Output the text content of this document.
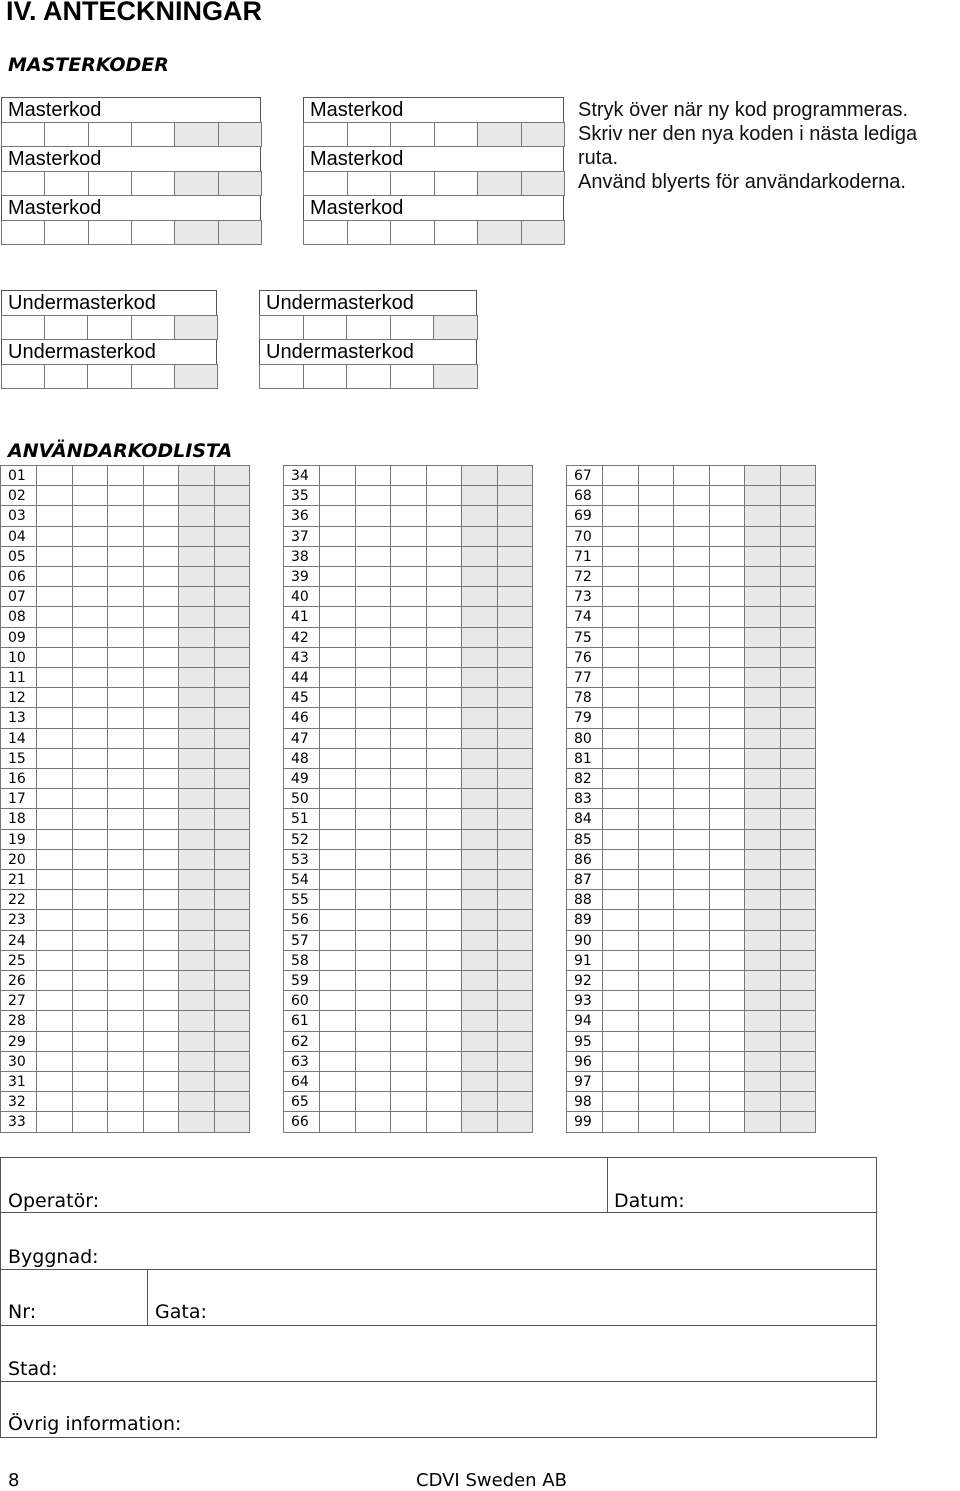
IV. ANTECKNINGAR
MASTERKODER
Masterkod
Masterkod
Masterkod
Masterkod
Masterkod
Masterkod
Stryk över när ny kod programmeras.
Skriv ner den nya koden i nästa lediga
ruta.
Använd blyerts för användarkoderna.
Undermasterkod
Undermasterkod
Undermasterkod
Undermasterkod
ANVÄNDARKODLISTA
01
02
03
04
05
06
07
08
09
10
11
12
13
14
15
16
17
18
19
20
21
22
23
24
25
26
27
28
29
30
31
32
33
34
35
36
37
38
39
40
41
42
43
44
45
46
47
48
49
50
51
52
53
54
55
56
57
58
59
60
61
62
63
64
65
66
67
68
69
70
71
72
73
74
75
76
77
78
79
80
81
82
83
84
85
86
87
88
89
90
91
92
93
94
95
96
97
98
99
Operatör:	Datum:
Byggnad:
Nr:	Gata:
Stad:
Övrig information:
8	CDVI Sweden AB
